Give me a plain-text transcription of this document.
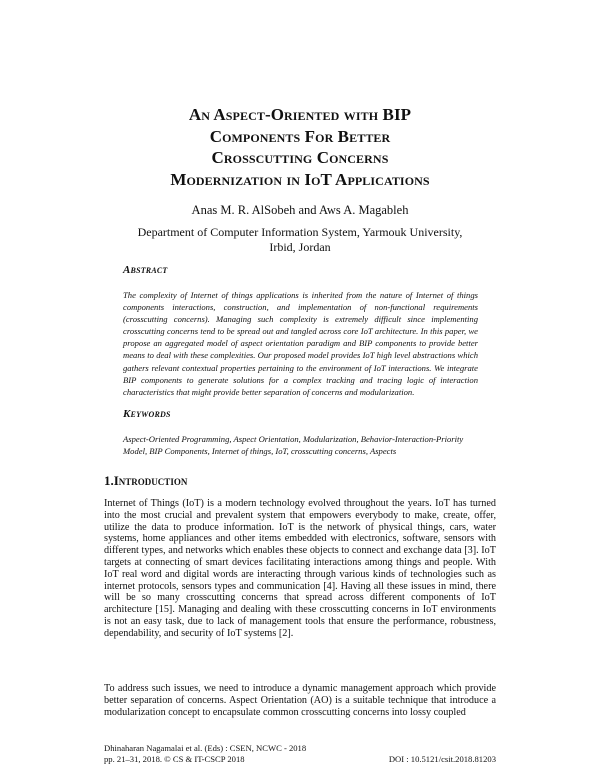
An Aspect-Oriented with BIP
Components For Better
Crosscutting Concerns
Modernization in IoT Applications
Anas M. R. AlSobeh and Aws A. Magableh
Department of Computer Information System, Yarmouk University, Irbid, Jordan
Abstract
The complexity of Internet of things applications is inherited from the nature of Internet of things components interactions, construction, and implementation of non-functional requirements (crosscutting concerns). Managing such complexity is extremely difficult since implementing crosscutting concerns tend to be spread out and tangled across core IoT architecture. In this paper, we propose an aggregated model of aspect orientation paradigm and BIP components to provide better means to deal with these complexities. Our proposed model provides IoT high level abstractions which gathers relevant contextual properties pertaining to the environment of IoT interactions. We integrate BIP components to generate solutions for a complex tracking and tracing logic of interaction characteristics that might provide better separation of concerns and modularization.
Keywords
Aspect-Oriented Programming, Aspect Orientation, Modularization, Behavior-Interaction-Priority Model, BIP Components, Internet of things, IoT, crosscutting concerns, Aspects
1.Introduction
Internet of Things (IoT) is a modern technology evolved throughout the years. IoT has turned into the most crucial and prevalent system that empowers everybody to make, create, offer, utilize the data to produce information. IoT is the network of physical things, cars, water systems, home appliances and other items embedded with electronics, software, sensors with different types, and networks which enables these objects to connect and exchange data [3]. IoT targets at connecting of smart devices facilitating interactions among things and people. With IoT real word and digital words are interacting through various kinds of technologies such as internet protocols, sensors types and communication [4]. Having all these issues in mind, there will be so many crosscutting concerns that spread across different components of IoT architecture [15]. Managing and dealing with these crosscutting concerns in IoT environments is not an easy task, due to lack of management tools that ensure the performance, robustness, dependability, and security of IoT systems [2].
To address such issues, we need to introduce a dynamic management approach which provide better separation of concerns. Aspect Orientation (AO) is a suitable technique that introduce a modularization concept to encapsulate common crosscutting concerns into lossy coupled
Dhinaharan Nagamalai et al. (Eds) : CSEN, NCWC - 2018
pp. 21–31, 2018. © CS & IT-CSCP 2018	DOI : 10.5121/csit.2018.81203
